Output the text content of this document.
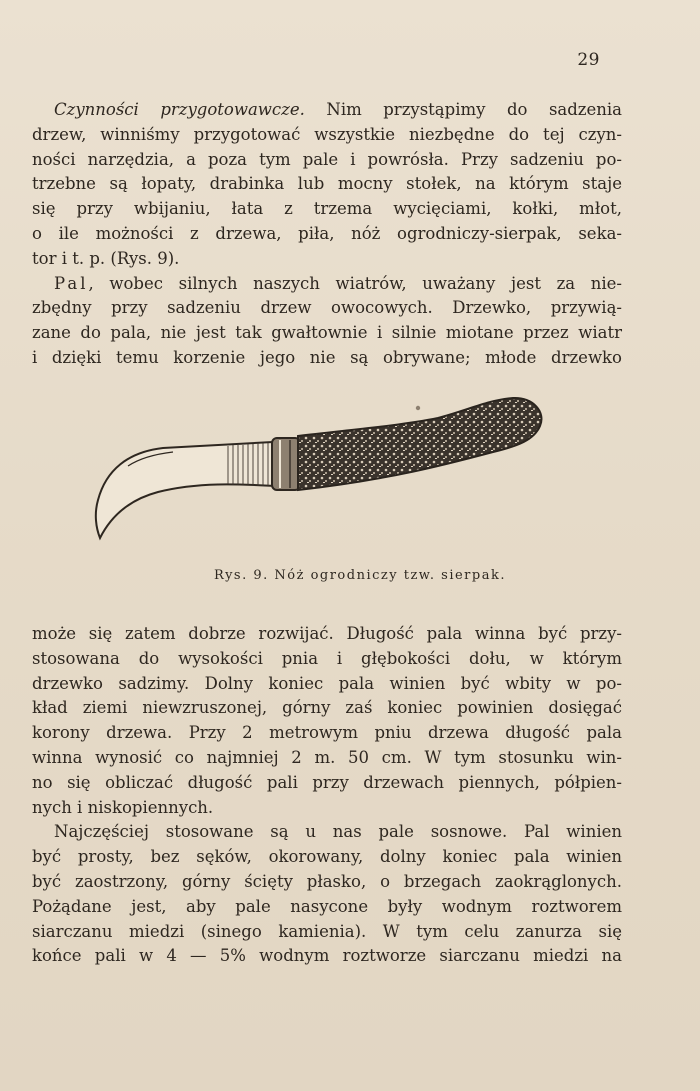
29
Czynności przygotowawcze. Nim przystąpimy do sadzenia
drzew, winniśmy przygotować wszystkie niezbędne do tej czyn-
ności narzędzia, a poza tym pale i powrósła. Przy sadzeniu po-
trzebne są łopaty, drabinka lub mocny stołek, na którym staje
się przy wbijaniu, łata z trzema wycięciami, kołki, młot,
o ile możności z drzewa, piła, nóż ogrodniczy-sierpak, seka-
tor i t. p. (Rys. 9).
Pal, wobec silnych naszych wiatrów, uważany jest za nie-
zbędny przy sadzeniu drzew owocowych. Drzewko, przywią-
zane do pala, nie jest tak gwałtownie i silnie miotane przez wiatr
i dzięki temu korzenie jego nie są obrywane; młode drzewko
Rys. 9. Nóż ogrodniczy tzw. sierpak.
może się zatem dobrze rozwijać. Długość pala winna być przy-
stosowana do wysokości pnia i głębokości dołu, w którym
drzewko sadzimy. Dolny koniec pala winien być wbity w po-
kład ziemi niewzruszonej, górny zaś koniec powinien dosięgać
korony drzewa. Przy 2 metrowym pniu drzewa długość pala
winna wynosić co najmniej 2 m. 50 cm. W tym stosunku win-
no się obliczać długość pali przy drzewach piennych, półpien-
nych i niskopiennych.
Najczęściej stosowane są u nas pale sosnowe. Pal winien
być prosty, bez sęków, okorowany, dolny koniec pala winien
być zaostrzony, górny ścięty płasko, o brzegach zaokrąglonych.
Pożądane jest, aby pale nasycone były wodnym roztworem
siarczanu miedzi (sinego kamienia). W tym celu zanurza się
końce pali w 4 — 5% wodnym roztworze siarczanu miedzi na
